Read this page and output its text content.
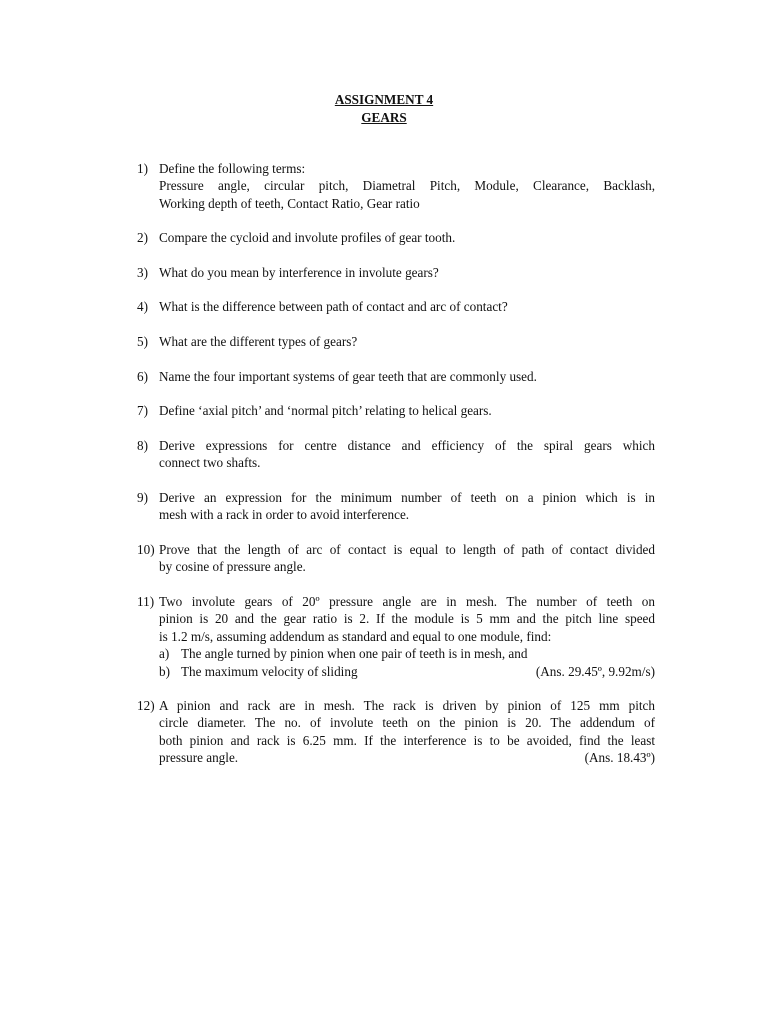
ASSIGNMENT 4
GEARS
1) Define the following terms:
Pressure angle, circular pitch, Diametral Pitch, Module, Clearance, Backlash,
Working depth of teeth, Contact Ratio, Gear ratio
2) Compare the cycloid and involute profiles of gear tooth.
3) What do you mean by interference in involute gears?
4) What is the difference between path of contact and arc of contact?
5) What are the different types of gears?
6) Name the four important systems of gear teeth that are commonly used.
7) Define ‘axial pitch’ and ‘normal pitch’ relating to helical gears.
8) Derive expressions for centre distance and efficiency of the spiral gears which
connect two shafts.
9) Derive an expression for the minimum number of teeth on a pinion which is in
mesh with a rack in order to avoid interference.
10) Prove that the length of arc of contact is equal to length of path of contact divided
by cosine of pressure angle.
11) Two involute gears of 20º pressure angle are in mesh. The number of teeth on
pinion is 20 and the gear ratio is 2. If the module is 5 mm and the pitch line speed
is 1.2 m/s, assuming addendum as standard and equal to one module, find:
a) The angle turned by pinion when one pair of teeth is in mesh, and
b) The maximum velocity of sliding	(Ans. 29.45º, 9.92m/s)
12) A pinion and rack are in mesh. The rack is driven by pinion of 125 mm pitch
circle diameter. The no. of involute teeth on the pinion is 20. The addendum of
both pinion and rack is 6.25 mm. If the interference is to be avoided, find the least
pressure angle.	(Ans. 18.43º)
